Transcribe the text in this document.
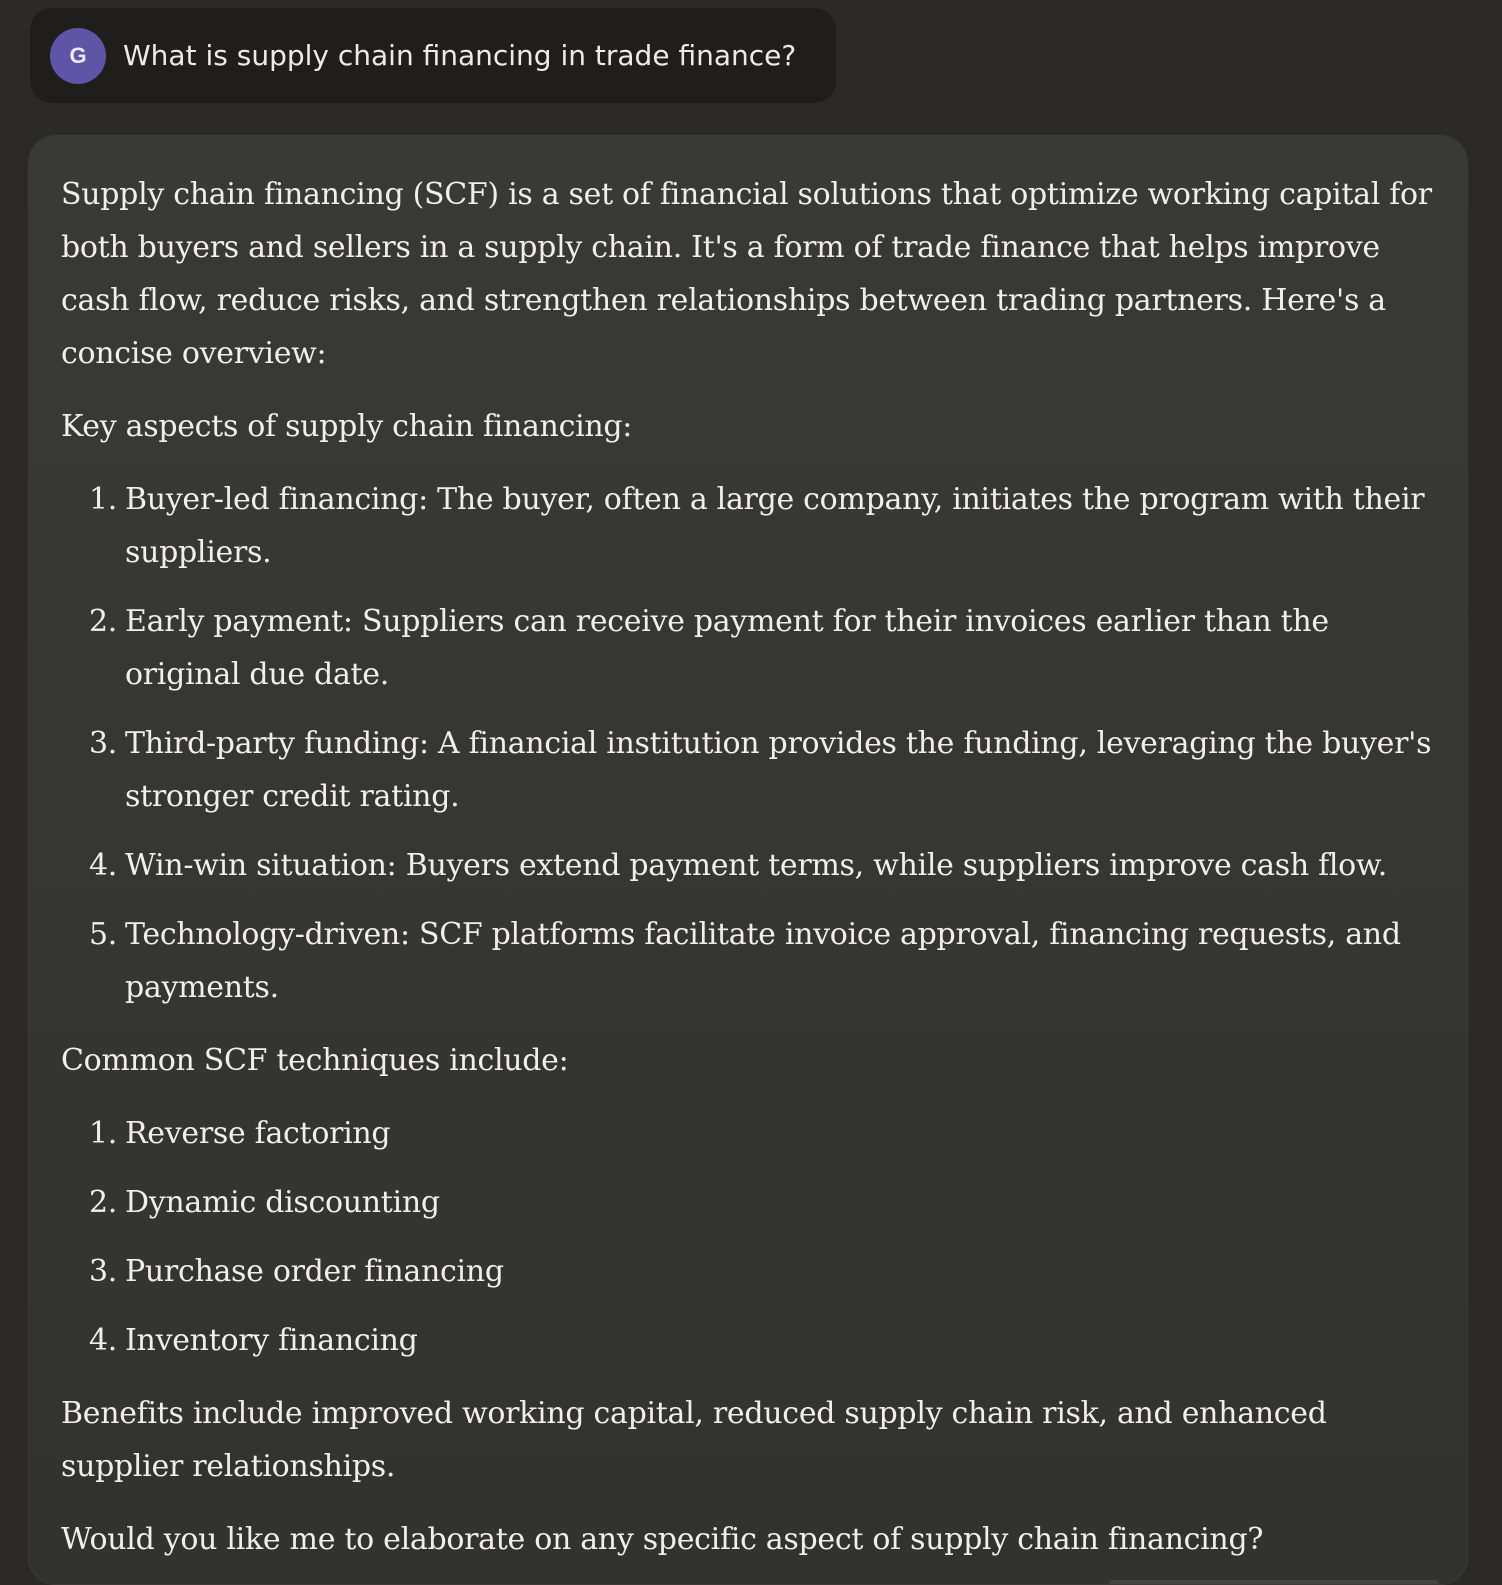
G	What is supply chain financing in trade finance?

Supply chain financing (SCF) is a set of financial solutions that optimize working capital for both buyers and sellers in a supply chain. It's a form of trade finance that helps improve cash flow, reduce risks, and strengthen relationships between trading partners. Here's a concise overview:

Key aspects of supply chain financing:

1. Buyer-led financing: The buyer, often a large company, initiates the program with their suppliers.
2. Early payment: Suppliers can receive payment for their invoices earlier than the original due date.
3. Third-party funding: A financial institution provides the funding, leveraging the buyer's stronger credit rating.
4. Win-win situation: Buyers extend payment terms, while suppliers improve cash flow.
5. Technology-driven: SCF platforms facilitate invoice approval, financing requests, and payments.

Common SCF techniques include:

1. Reverse factoring
2. Dynamic discounting
3. Purchase order financing
4. Inventory financing

Benefits include improved working capital, reduced supply chain risk, and enhanced supplier relationships.

Would you like me to elaborate on any specific aspect of supply chain financing?
